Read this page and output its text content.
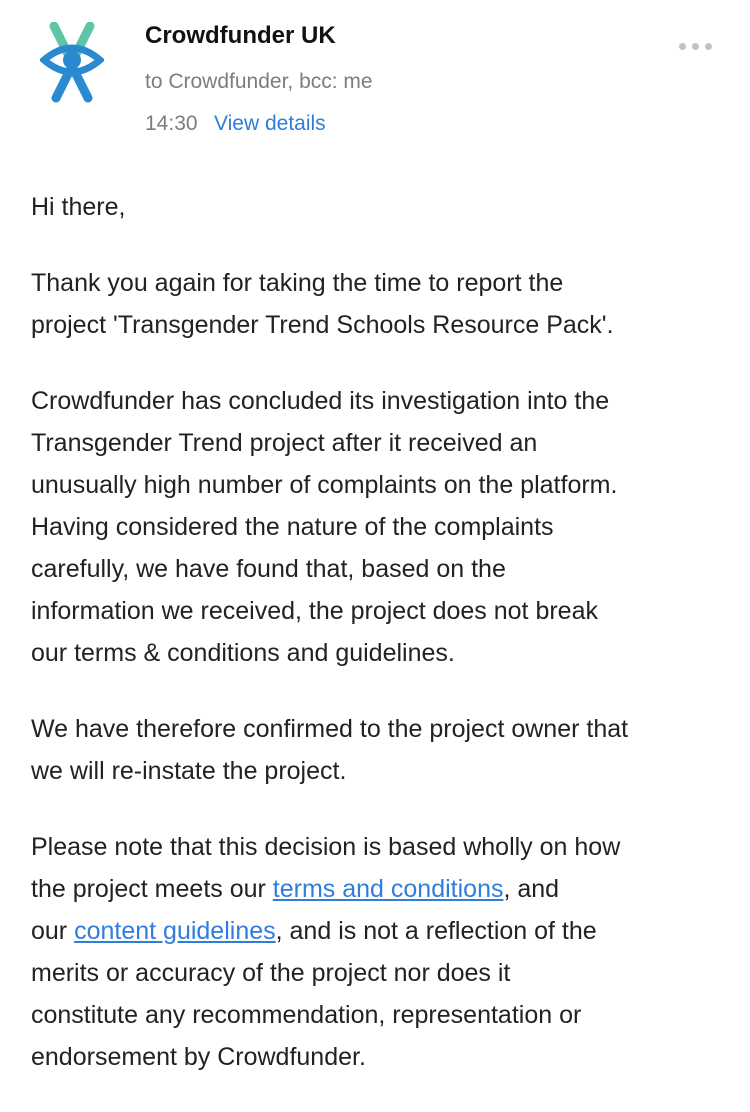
Crowdfunder UK
to Crowdfunder, bcc: me
14:30 View details

Hi there,

Thank you again for taking the time to report the
project 'Transgender Trend Schools Resource Pack'.

Crowdfunder has concluded its investigation into the
Transgender Trend project after it received an
unusually high number of complaints on the platform.
Having considered the nature of the complaints
carefully, we have found that, based on the
information we received, the project does not break
our terms & conditions and guidelines.

We have therefore confirmed to the project owner that
we will re-instate the project.

Please note that this decision is based wholly on how
the project meets our terms and conditions, and
our content guidelines, and is not a reflection of the
merits or accuracy of the project nor does it
constitute any recommendation, representation or
endorsement by Crowdfunder.
